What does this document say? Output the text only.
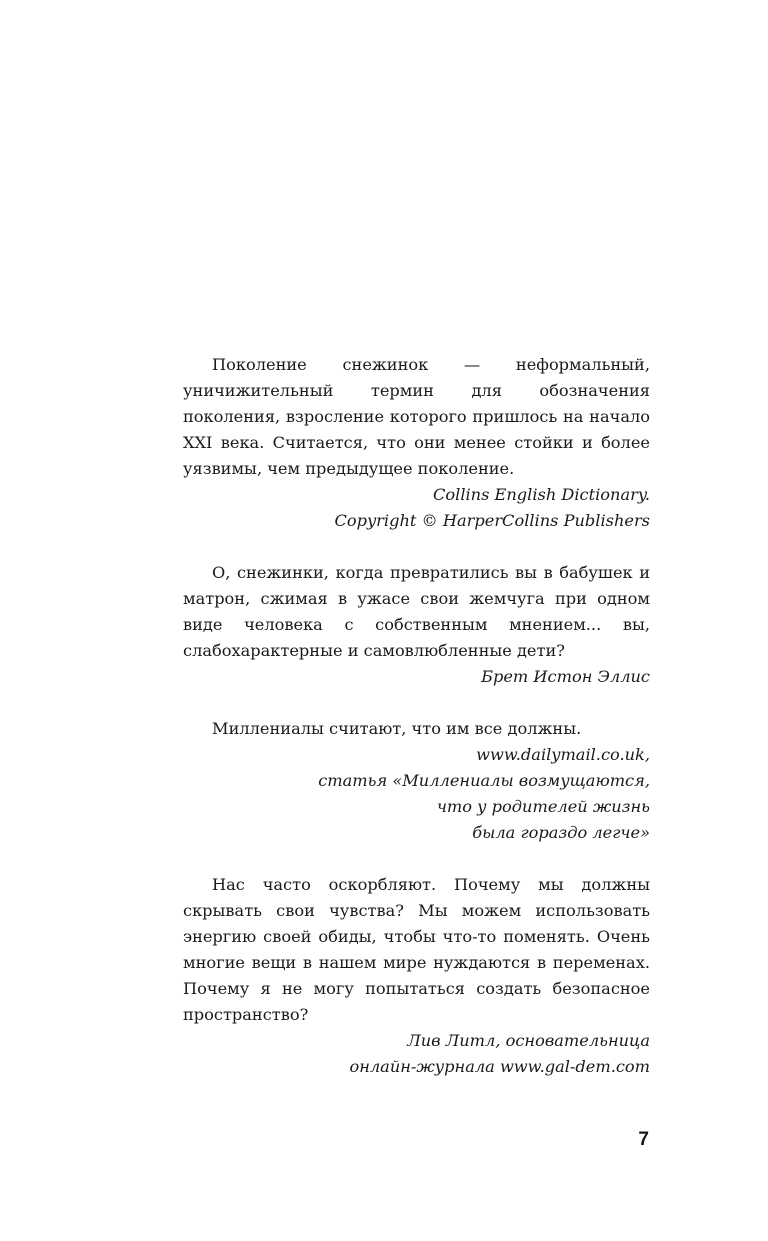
Поколение снежинок — неформальный, уничижительный термин для обозначения поколения, взросление которого пришлось на начало XXI века. Считается, что они менее стойки и более уязвимы, чем предыдущее поколение.

Collins English Dictionary.
Copyright © HarperCollins Publishers

О, снежинки, когда превратились вы в бабушек и матрон, сжимая в ужасе свои жемчуга при одном виде человека с собственным мнением... вы, слабохарактерные и самовлюбленные дети?

Брет Истон Эллис

Миллениалы считают, что им все должны.

www.dailymail.co.uk,
статья «Миллениалы возмущаются,
что у родителей жизнь
была гораздо легче»

Нас часто оскорбляют. Почему мы должны скрывать свои чувства? Мы можем использовать энергию своей обиды, чтобы что-то поменять. Очень многие вещи в нашем мире нуждаются в переменах. Почему я не могу попытаться создать безопасное пространство?

Лив Литл, основательница
онлайн-журнала www.gal-dem.com
7
